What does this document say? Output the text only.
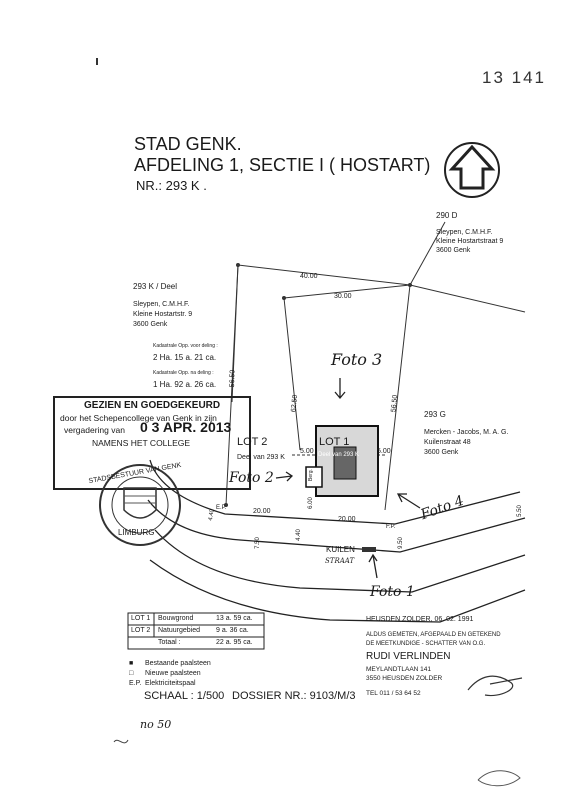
13 141
STAD GENK.
AFDELING 1, SECTIE I ( HOSTART)
NR.: 293 K .
290 D
Sleypen, C.M.H.F.
Kleine Hostartstraat 9
3600 Genk
293 K / Deel
Sleypen, C.M.H.F.
Kleine Hostartstr. 9
3600 Genk
Kadastrale Opp. voor deling :
2 Ha. 15 a. 21 ca.
Kadastrale Opp. na deling :
1 Ha. 92 a. 26 ca.
293 G
Mercken - Jacobs, M. A. G.
Kuilenstraat 48
3600 Genk
40.00
30.00
56.50
62.50	56.50
5.00	5.00
20.00
20.00
6.00
4.40
4.40
7.50	9.50
5.50
LOT 1
Deel van 293 K
LOT 2
Deel van 293 K
Berg.
KUILEN
STRAAT
E.P.
F.P.
Foto 3
Foto 2
Foto 4
Foto 1
GEZIEN EN GOEDGEKEURD
door het Schepencollege van Genk in zijn
vergadering van 0 3 APR. 2013
NAMENS HET COLLEGE
STADSBESTUUR VAN GENK
LIMBURG
LOT 1 Bouwgrond	13 a. 59 ca.
LOT 2 Natuurgebied 9 a. 36 ca.
Totaal :	22 a. 95 ca.
■ Bestaande paalsteen
□ Nieuwe paalsteen
E.P. Elektriciteitspaal
SCHAAL : 1/500 DOSSIER NR.: 9103/M/3
HEUSDEN ZOLDER, 06. 02. 1991
ALDUS GEMETEN, AFGEPAALD EN GETEKEND
DE MEETKUNDIGE - SCHATTER VAN O.G.
RUDI VERLINDEN
MEYLANDTLAAN 141
3550 HEUSDEN ZOLDER
TEL 011 / 53 64 52
no 50
